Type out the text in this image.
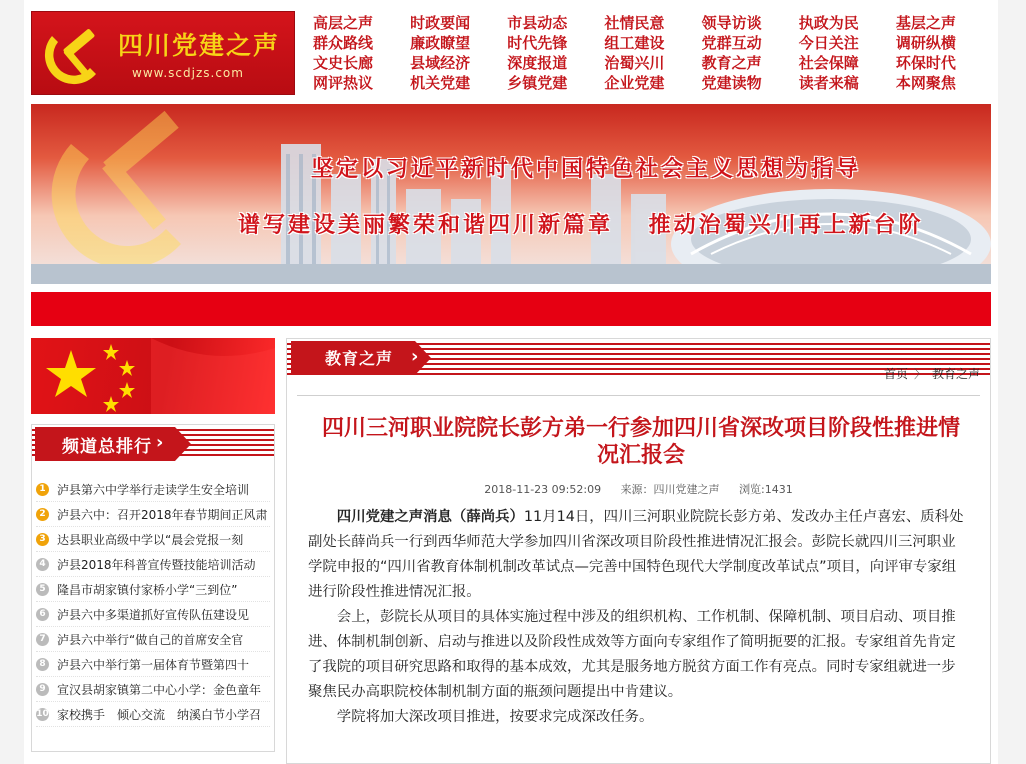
四川党建之声
www.scdjzs.com
高层之声	时政要闻	市县动态	社情民意	领导访谈	执政为民	基层之声
群众路线	廉政瞭望	时代先锋	组工建设	党群互动	今日关注	调研纵横
文史长廊	县域经济	深度报道	治蜀兴川	教育之声	社会保障	环保时代
网评热议	机关党建	乡镇党建	企业党建	党建读物	读者来稿	本网聚焦
坚定以习近平新时代中国特色社会主义思想为指导
谱写建设美丽繁荣和谐四川新篇章　 推动治蜀兴川再上新台阶
频道总排行 ›
1 泸县第六中学举行走读学生安全培训
2 泸县六中：召开2018年春节期间正风肃
3 达县职业高级中学以“晨会党报一刻
4 泸县2018年科普宣传暨技能培训活动
5 隆昌市胡家镇付家桥小学“三到位”
6 泸县六中多渠道抓好宣传队伍建设见
7 泸县六中举行“做自己的首席安全官
8 泸县六中举行第一届体育节暨第四十
9 宣汉县胡家镇第二中心小学：金色童年
10 家校携手　倾心交流　纳溪白节小学召
教育之声 ›
首页 〉 教育之声
四川三河职业院院长彭方弟一行参加四川省深改项目阶段性推进情况汇报会
2018-11-23 09:52:09 来源：四川党建之声 浏览:1431

四川党建之声消息（薛尚兵）11月14日，四川三河职业院院长彭方弟、发改办主任卢喜宏、质科处副处长薛尚兵一行到西华师范大学参加四川省深改项目阶段性推进情况汇报会。彭院长就四川三河职业学院申报的“四川省教育体制机制改革试点—完善中国特色现代大学制度改革试点”项目，向评审专家组进行阶段性推进情况汇报。

会上，彭院长从项目的具体实施过程中涉及的组织机构、工作机制、保障机制、项目启动、项目推进、体制机制创新、启动与推进以及阶段性成效等方面向专家组作了简明扼要的汇报。专家组首先肯定了我院的项目研究思路和取得的基本成效，尤其是服务地方脱贫方面工作有亮点。同时专家组就进一步聚焦民办高职院校体制机制方面的瓶颈问题提出中肯建议。

学院将加大深改项目推进，按要求完成深改任务。
